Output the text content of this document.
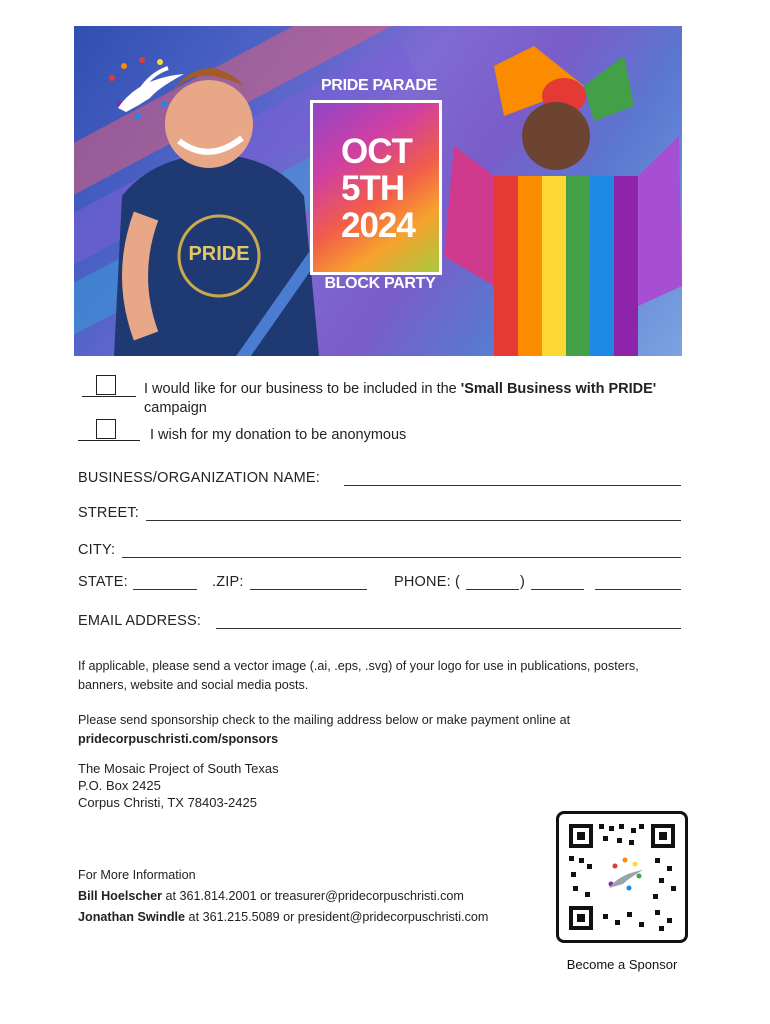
PRIDE
PRIDE PARADE
OCT
5TH
2024
BLOCK PARTY
I would like for our business to be included in the 'Small Business with PRIDE' campaign
I wish for my donation to be anonymous
BUSINESS/ORGANIZATION NAME:
STREET:
CITY:
STATE:	.ZIP:	PHONE: (	)
EMAIL ADDRESS:
If applicable, please send a vector image (.ai, .eps, .svg) of your logo for use in publications, posters, banners, website and social media posts.
Please send sponsorship check to the mailing address below or make payment online at
pridecorpuschristi.com/sponsors
The Mosaic Project of South Texas
P.O. Box 2425
Corpus Christi, TX 78403-2425
For More Information
Bill Hoelscher at 361.814.2001 or treasurer@pridecorpuschristi.com
Jonathan Swindle at 361.215.5089 or president@pridecorpuschristi.com
Become a Sponsor
